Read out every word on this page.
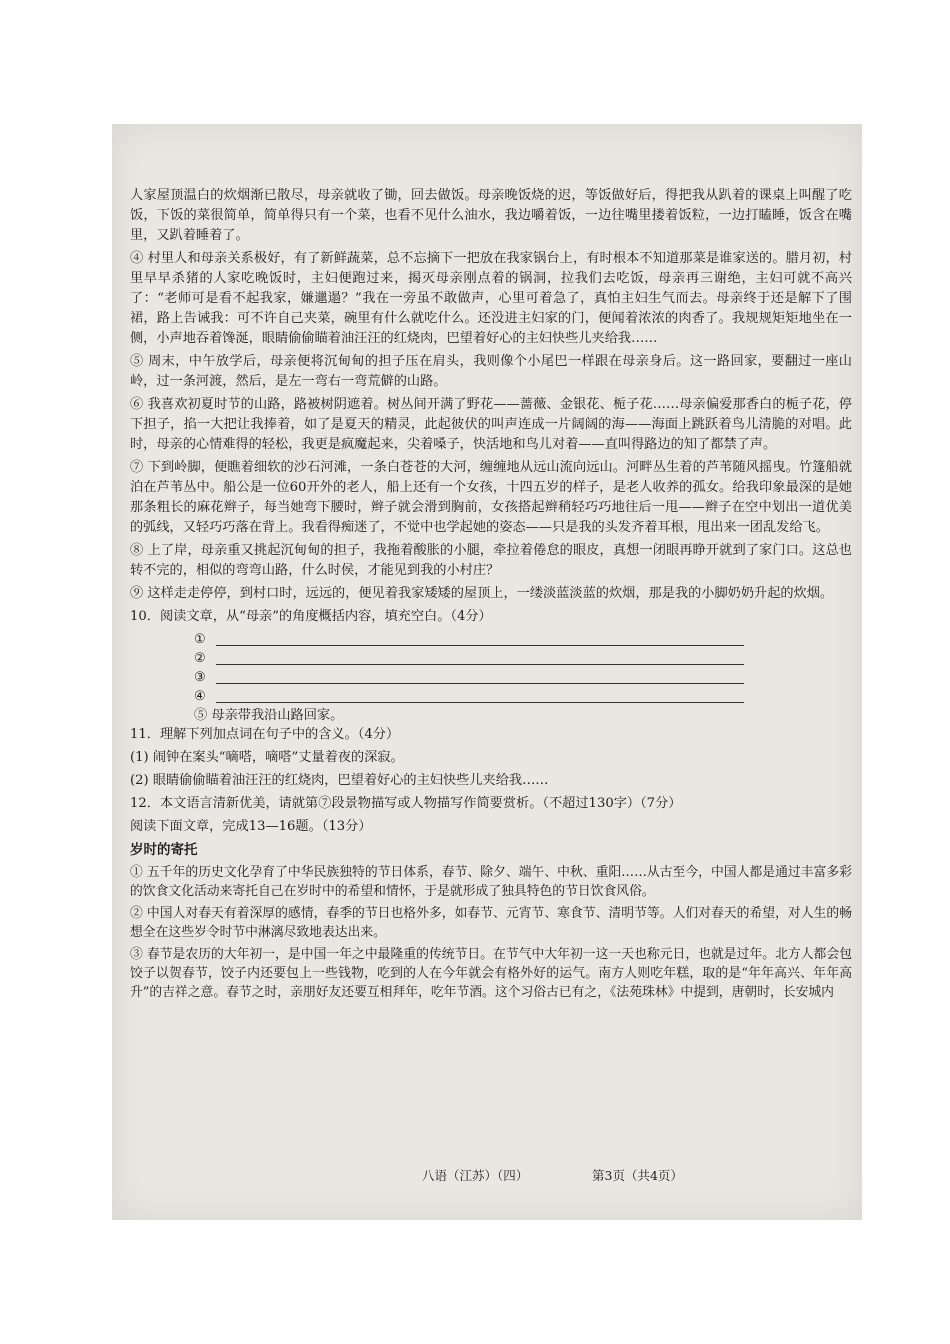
人家屋顶温白的炊烟渐已散尽，母亲就收了锄，回去做饭。母亲晚饭烧的迟，等饭做好后，得把我从趴着的课桌上叫醒了吃饭，下饭的菜很简单，简单得只有一个菜，也看不见什么油水，我边嚼着饭，一边往嘴里搂着饭粒，一边打瞌睡，饭含在嘴里，又趴着睡着了。

④ 村里人和母亲关系极好，有了新鲜蔬菜，总不忘摘下一把放在我家锅台上，有时根本不知道那菜是谁家送的。腊月初，村里早早杀猪的人家吃晚饭时，主妇便跑过来，揭灭母亲刚点着的锅洞，拉我们去吃饭，母亲再三谢绝，主妇可就不高兴了：“老师可是看不起我家，嫌邋遢？”我在一旁虽不敢做声，心里可着急了，真怕主妇生气而去。母亲终于还是解下了围裙，路上告诫我：可不许自己夹菜，碗里有什么就吃什么。还没进主妇家的门，便闻着浓浓的肉香了。我规规矩矩地坐在一侧，小声地吞着馋涎，眼睛偷偷瞄着油汪汪的红烧肉，巴望着好心的主妇快些儿夹给我……

⑤ 周末，中午放学后，母亲便将沉甸甸的担子压在肩头，我则像个小尾巴一样跟在母亲身后。这一路回家，要翻过一座山岭，过一条河渡，然后，是左一弯右一弯荒僻的山路。

⑥ 我喜欢初夏时节的山路，路被树阴遮着。树丛间开满了野花——蔷薇、金银花、栀子花……母亲偏爱那香白的栀子花，停下担子，掐一大把让我捧着，如了是夏天的精灵，此起彼伏的叫声连成一片阔阔的海——海面上跳跃着鸟儿清脆的对唱。此时，母亲的心情难得的轻松，我更是疯魔起来，尖着嗓子，快活地和鸟儿对着——直叫得路边的知了都禁了声。

⑦ 下到岭脚，便瞧着细软的沙石河滩，一条白苍苍的大河，缠缠地从远山流向远山。河畔丛生着的芦苇随风摇曳。竹篷船就泊在芦苇丛中。船公是一位60开外的老人，船上还有一个女孩，十四五岁的样子，是老人收养的孤女。给我印象最深的是她那条粗长的麻花辫子，每当她弯下腰时，辫子就会滑到胸前，女孩搭起辫稍轻巧巧地往后一甩——辫子在空中划出一道优美的弧线，又轻巧巧落在背上。我看得痴迷了，不觉中也学起她的姿态——只是我的头发齐着耳根，甩出来一团乱发给飞。

⑧ 上了岸，母亲重又挑起沉甸甸的担子，我拖着酸胀的小腿，牵拉着倦怠的眼皮，真想一闭眼再睁开就到了家门口。这总也转不完的，相似的弯弯山路，什么时侯，才能见到我的小村庄？

⑨ 这样走走停停，到村口时，远远的，便见着我家矮矮的屋顶上，一缕淡蓝淡蓝的炊烟，那是我的小脚奶奶升起的炊烟。

10．阅读文章，从“母亲”的角度概括内容，填充空白。（4分）

①
②
③
④
⑤ 母亲带我沿山路回家。

11．理解下列加点词在句子中的含义。（4分）

(1) 闹钟在案头“嘀嗒，嘀嗒”丈量着夜的深寂。

(2) 眼睛偷偷瞄着油汪汪的红烧肉，巴望着好心的主妇快些儿夹给我……

12．本文语言清新优美，请就第⑦段景物描写或人物描写作简要赏析。（不超过130字）（7分）

阅读下面文章，完成13—16题。（13分）

岁时的寄托

① 五千年的历史文化孕育了中华民族独特的节日体系，春节、除夕、端午、中秋、重阳……从古至今，中国人都是通过丰富多彩的饮食文化活动来寄托自己在岁时中的希望和情怀，于是就形成了独具特色的节日饮食风俗。

② 中国人对春天有着深厚的感情，春季的节日也格外多，如春节、元宵节、寒食节、清明节等。人们对春天的希望，对人生的畅想全在这些岁令时节中淋漓尽致地表达出来。

③ 春节是农历的大年初一，是中国一年之中最隆重的传统节日。在节气中大年初一这一天也称元日，也就是过年。北方人都会包饺子以贺春节，饺子内还要包上一些钱物，吃到的人在今年就会有格外好的运气。南方人则吃年糕，取的是“年年高兴、年年高升”的吉祥之意。春节之时，亲朋好友还要互相拜年，吃年节酒。这个习俗古已有之，《法苑珠林》中提到，唐朝时，长安城内

八语（江苏）（四）	第3页（共4页）
